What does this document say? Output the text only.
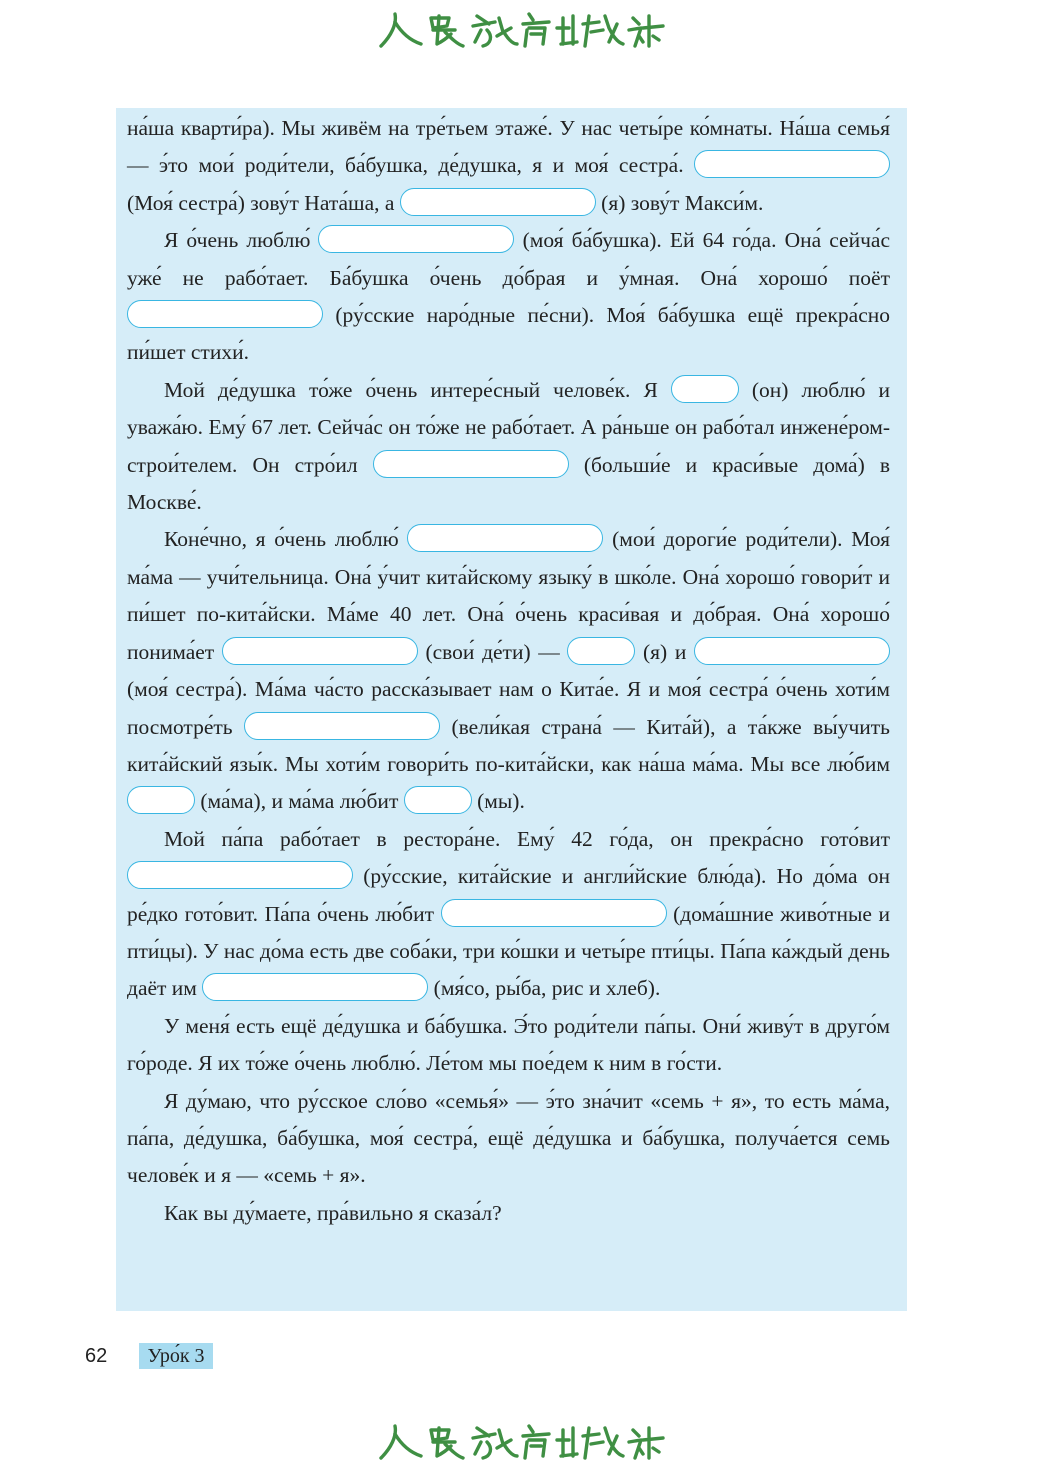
на́ша кварти́ра). Мы живём на тре́тьем этаже́. У нас четы́ре ко́мнаты. На́ша семья́ — э́то мои́ роди́тели, ба́бушка, де́душка, я и моя́ сестра́.  (Моя́ сестра́) зову́т Ната́ша, а	(я) зову́т Макси́м.

Я о́чень люблю́	(моя́ ба́бушка). Ей 64 го́да. Она́ сейча́с уже́ не рабо́тает. Ба́бушка о́чень до́брая и у́мная. Она́ хорошо́ поёт  (ру́сские наро́дные пе́сни). Моя́ ба́бушка ещё прекра́сно пи́шет стихи́.

Мой де́душка то́же о́чень интере́сный челове́к. Я	(он) люблю́ и уважа́ю. Ему́ 67 лет. Сейча́с он то́же не рабо́тает. А ра́ньше он рабо́тал инжене́ром-строи́телем. Он стро́ил	(больши́е и краси́вые дома́) в Москве́.

Коне́чно, я о́чень люблю́	(мои́ дороги́е роди́тели). Моя́ ма́ма — учи́тельница. Она́ у́чит кита́йскому языку́ в шко́ле. Она́ хорошо́ говори́т и пи́шет по-кита́йски. Ма́ме 40 лет. Она́ о́чень краси́вая и до́брая. Она́ хорошо́ понима́ет	(свои́ де́ти) —	(я) и  (моя́ сестра́). Ма́ма ча́сто расска́зывает нам о Кита́е. Я и моя́ сестра́ о́чень хоти́м посмотре́ть	(вели́кая страна́ — Кита́й), а та́кже вы́учить кита́йский язы́к. Мы хоти́м говори́ть по-кита́йски, как на́ша ма́ма. Мы все лю́бим  (ма́ма), и ма́ма лю́бит	(мы).

Мой па́па рабо́тает в рестора́не. Ему́ 42 го́да, он прекра́сно гото́вит  (ру́сские, кита́йские и англи́йские блю́да). Но до́ма он ре́дко гото́вит. Па́па о́чень лю́бит	(дома́шние живо́тные и пти́цы). У нас до́ма есть две соба́ки, три ко́шки и четы́ре пти́цы. Па́па ка́ждый день даёт им	(мя́со, ры́ба, рис и хлеб).

У меня́ есть ещё де́душка и ба́бушка. Э́то роди́тели па́пы. Они́ живу́т в друго́м го́роде. Я их то́же о́чень люблю́. Ле́том мы пое́дем к ним в го́сти.

Я ду́маю, что ру́сское сло́во «семья́» — э́то зна́чит «семь + я», то есть ма́ма, па́па, де́душка, ба́бушка, моя́ сестра́, ещё де́душка и ба́бушка, получа́ется семь челове́к и я — «семь + я».

Как вы ду́маете, пра́вильно я сказа́л?

62	Уро́к 3
